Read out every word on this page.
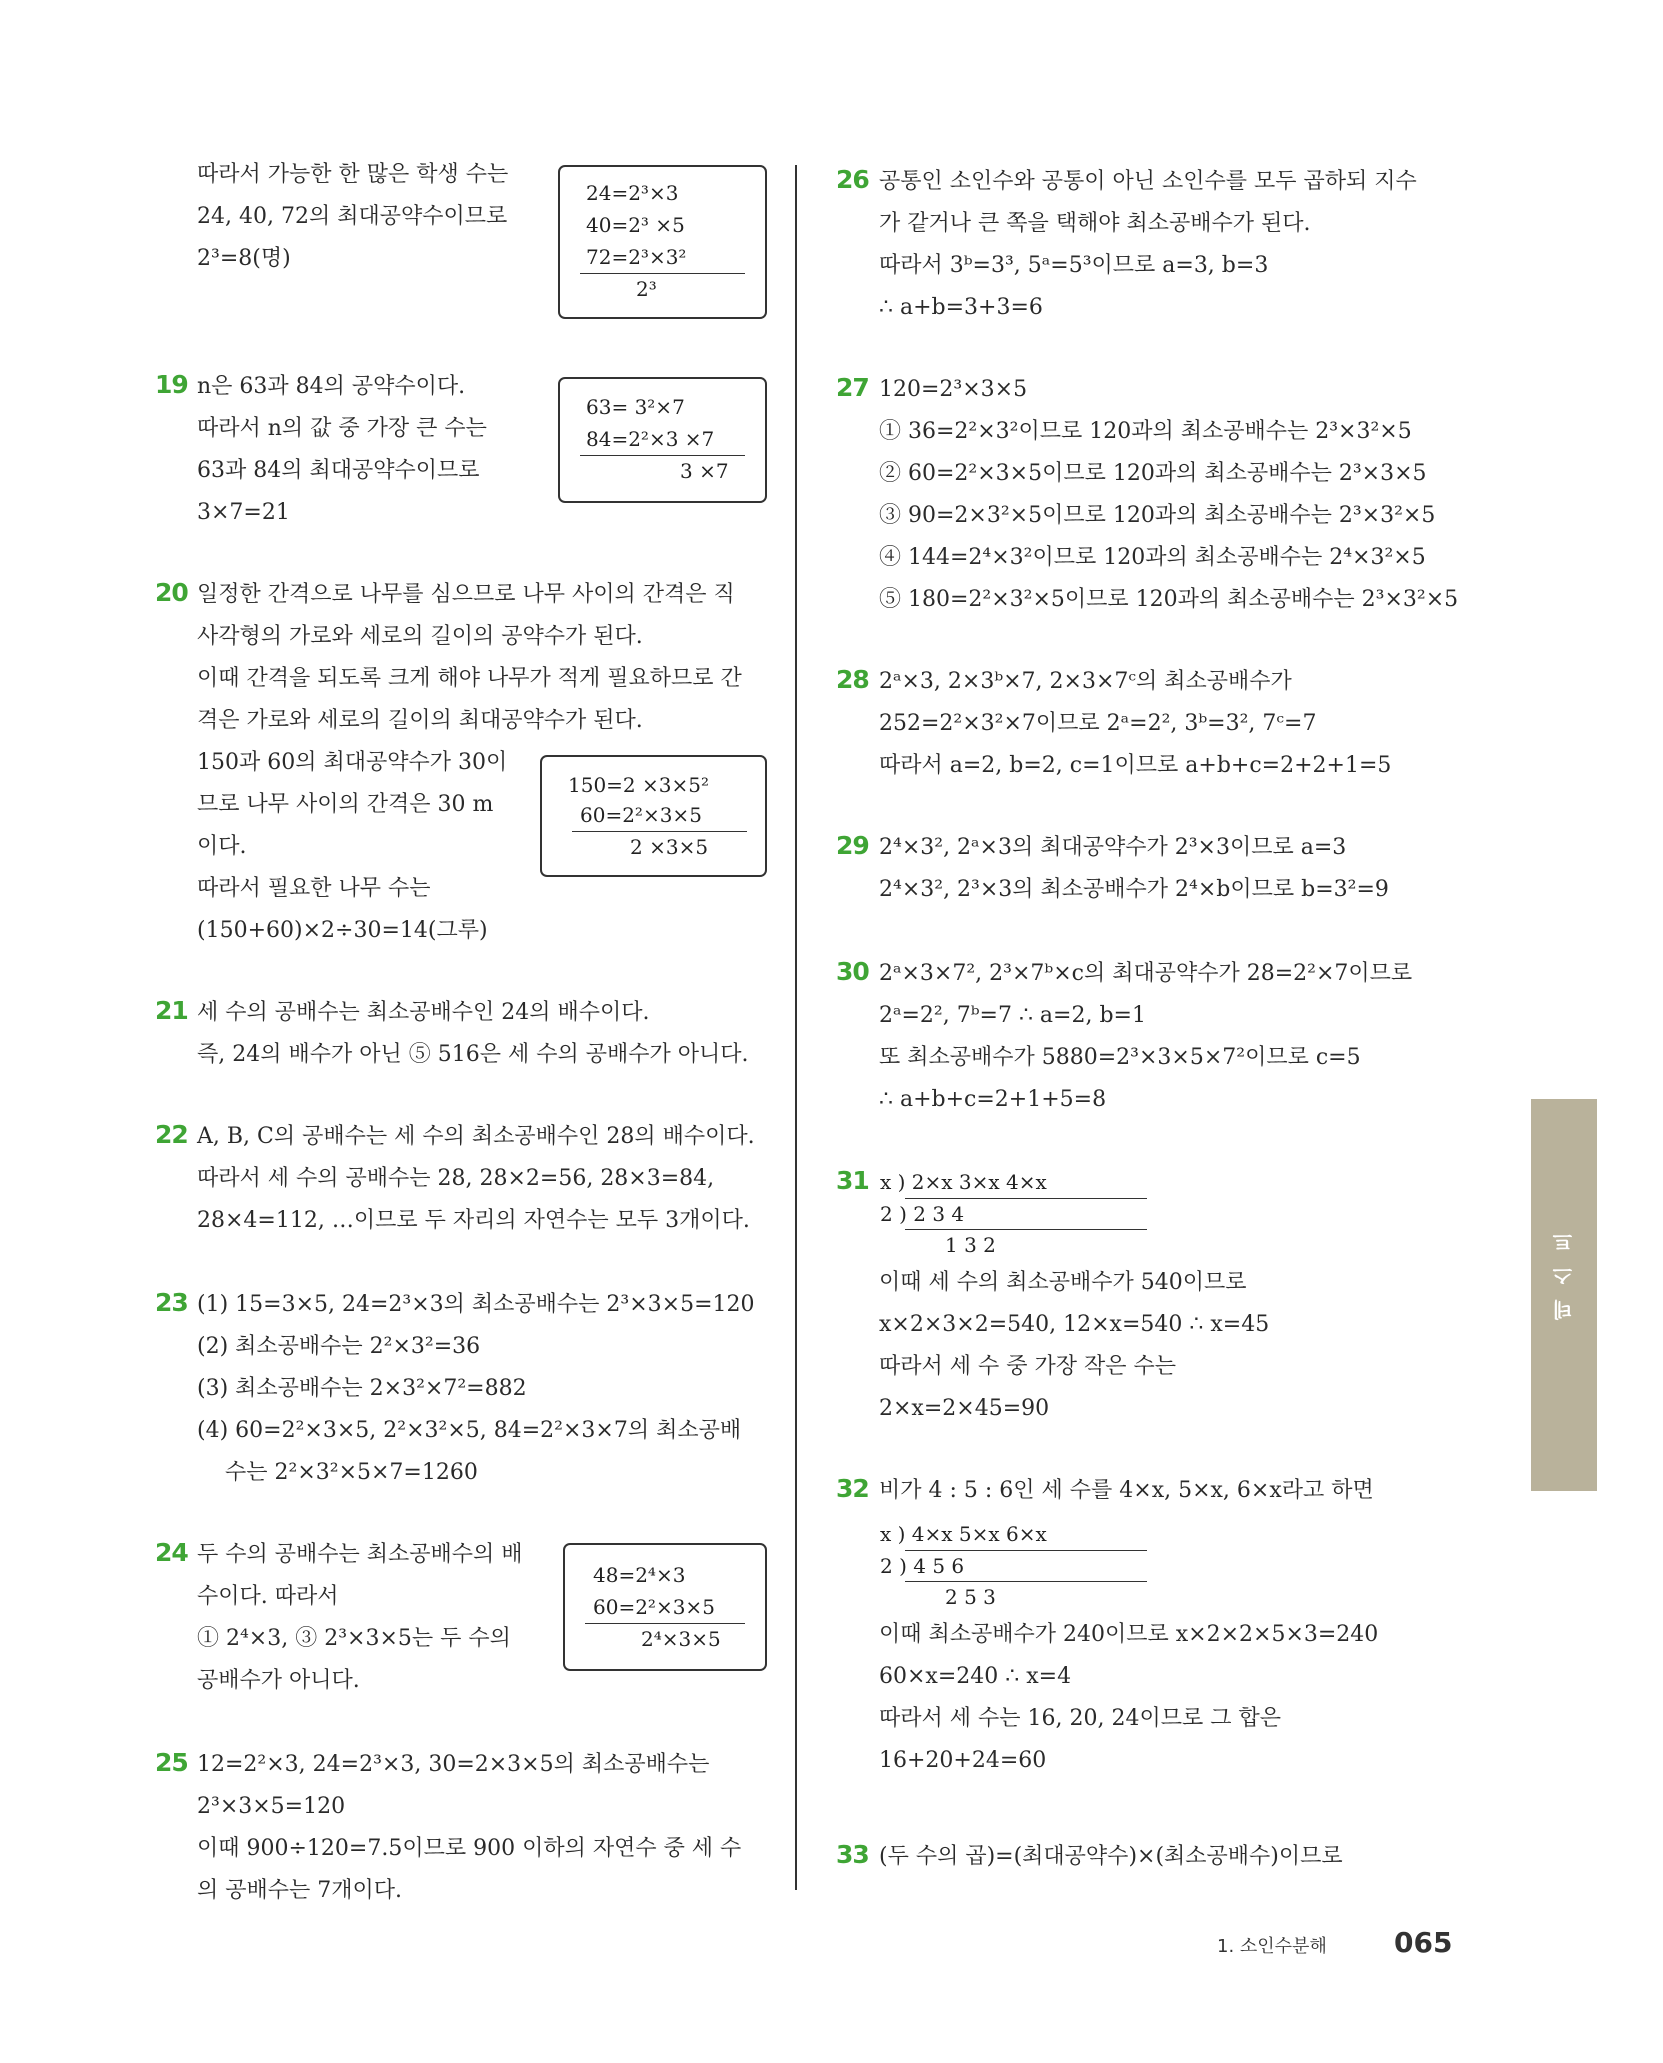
따라서 가능한 한 많은 학생 수는
24, 40, 72의 최대공약수이므로
2³=8(명)
24=2³×3
40=2³ ×5
72=2³×3²
2³
19 n은 63과 84의 공약수이다.
따라서 n의 값 중 가장 큰 수는
63과 84의 최대공약수이므로
3×7=21
63= 3²×7
84=2²×3 ×7
3 ×7
20 일정한 간격으로 나무를 심으므로 나무 사이의 간격은 직
사각형의 가로와 세로의 길이의 공약수가 된다.
이때 간격을 되도록 크게 해야 나무가 적게 필요하므로 간
격은 가로와 세로의 길이의 최대공약수가 된다.
150과 60의 최대공약수가 30이
므로 나무 사이의 간격은 30 m
이다.
따라서 필요한 나무 수는
(150+60)×2÷30=14(그루)
150=2 ×3×5²
60=2²×3×5
2 ×3×5
21 세 수의 공배수는 최소공배수인 24의 배수이다.
즉, 24의 배수가 아닌 ⑤ 516은 세 수의 공배수가 아니다.
22 A, B, C의 공배수는 세 수의 최소공배수인 28의 배수이다.
따라서 세 수의 공배수는 28, 28×2=56, 28×3=84,
28×4=112, …이므로 두 자리의 자연수는 모두 3개이다.
23 (1) 15=3×5, 24=2³×3의 최소공배수는 2³×3×5=120
(2) 최소공배수는 2²×3²=36
(3) 최소공배수는 2×3²×7²=882
(4) 60=2²×3×5, 2²×3²×5, 84=2²×3×7의 최소공배
수는 2²×3²×5×7=1260
24 두 수의 공배수는 최소공배수의 배
수이다. 따라서
① 2⁴×3, ③ 2³×3×5는 두 수의
공배수가 아니다.
48=2⁴×3
60=2²×3×5
2⁴×3×5
25 12=2²×3, 24=2³×3, 30=2×3×5의 최소공배수는
2³×3×5=120
이때 900÷120=7.5이므로 900 이하의 자연수 중 세 수
의 공배수는 7개이다.
26 공통인 소인수와 공통이 아닌 소인수를 모두 곱하되 지수
가 같거나 큰 쪽을 택해야 최소공배수가 된다.
따라서 3ᵇ=3³, 5ᵃ=5³이므로 a=3, b=3
∴ a+b=3+3=6
27 120=2³×3×5
① 36=2²×3²이므로 120과의 최소공배수는 2³×3²×5
② 60=2²×3×5이므로 120과의 최소공배수는 2³×3×5
③ 90=2×3²×5이므로 120과의 최소공배수는 2³×3²×5
④ 144=2⁴×3²이므로 120과의 최소공배수는 2⁴×3²×5
⑤ 180=2²×3²×5이므로 120과의 최소공배수는 2³×3²×5
28 2ᵃ×3, 2×3ᵇ×7, 2×3×7ᶜ의 최소공배수가
252=2²×3²×7이므로 2ᵃ=2², 3ᵇ=3², 7ᶜ=7
따라서 a=2, b=2, c=1이므로 a+b+c=2+2+1=5
29 2⁴×3², 2ᵃ×3의 최대공약수가 2³×3이므로 a=3
2⁴×3², 2³×3의 최소공배수가 2⁴×b이므로 b=3²=9
30 2ᵃ×3×7², 2³×7ᵇ×c의 최대공약수가 28=2²×7이므로
2ᵃ=2², 7ᵇ=7 ∴ a=2, b=1
또 최소공배수가 5880=2³×3×5×7²이므로 c=5
∴ a+b+c=2+1+5=8
31 x ) 2×x 3×x 4×x
2 ) 2 3 4
1 3 2
이때 세 수의 최소공배수가 540이므로
x×2×3×2=540, 12×x=540 ∴ x=45
따라서 세 수 중 가장 작은 수는
2×x=2×45=90
32 비가 4 : 5 : 6인 세 수를 4×x, 5×x, 6×x라고 하면
x ) 4×x 5×x 6×x
2 ) 4 5 6
2 5 3
이때 최소공배수가 240이므로 x×2×2×5×3=240
60×x=240 ∴ x=4
따라서 세 수는 16, 20, 24이므로 그 합은
16+20+24=60
33 (두 수의 곱)=(최대공약수)×(최소공배수)이므로
테스트 BOOK
1. 소인수분해 065
